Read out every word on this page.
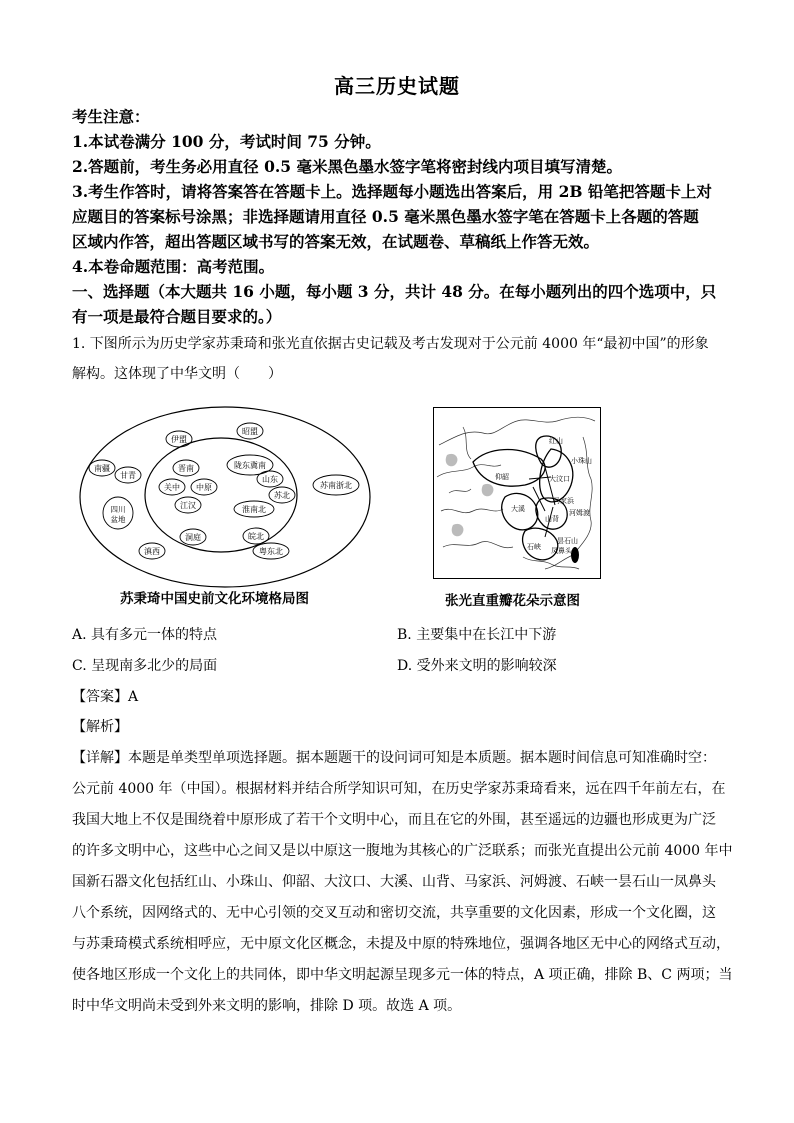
高三历史试题
考生注意：
1.本试卷满分 100 分，考试时间 75 分钟。
2.答题前，考生务必用直径 0.5 毫米黑色墨水签字笔将密封线内项目填写清楚。
3.考生作答时，请将答案答在答题卡上。选择题每小题选出答案后，用 2B 铅笔把答题卡上对
应题目的答案标号涂黑；非选择题请用直径 0.5 毫米黑色墨水签字笔在答题卡上各题的答题
区域内作答，超出答题区域书写的答案无效，在试题卷、草稿纸上作答无效。
4.本卷命题范围：高考范围。
一、选择题（本大题共 16 小题，每小题 3 分，共计 48 分。在每小题列出的四个选项中，只
有一项是最符合题目要求的。）
1. 下图所示为历史学家苏秉琦和张光直依据古史记载及考古发现对于公元前 4000 年“最初中国”的形象
解构。这体现了中华文明（　　）
陇东冀南
晋南
关中 中原
山东
苏北
江汉	淮南北
伊盟
昭盟
甘青
南疆
苏南浙北
四川
盆地
滇西
洞庭	皖北
粤东北
红山
小珠山
仰韶	大汶口
大溪
马家浜
河姆渡
山背
石峡
昙石山
凤鼻头
苏秉琦中国史前文化环境格局图	张光直重瓣花朵示意图
A. 具有多元一体的特点	B. 主要集中在长江中下游
C. 呈现南多北少的局面	D. 受外来文明的影响较深
【答案】A
【解析】
【详解】本题是单类型单项选择题。据本题题干的设问词可知是本质题。据本题时间信息可知准确时空：
公元前 4000 年（中国）。根据材料并结合所学知识可知，在历史学家苏秉琦看来，远在四千年前左右，在
我国大地上不仅是围绕着中原形成了若干个文明中心，而且在它的外围，甚至遥远的边疆也形成更为广泛
的许多文明中心，这些中心之间又是以中原这一腹地为其核心的广泛联系；而张光直提出公元前 4000 年中
国新石器文化包括红山、小珠山、仰韶、大汶口、大溪、山背、马家浜、河姆渡、石峡一昙石山一凤鼻头
八个系统，因网络式的、无中心引领的交叉互动和密切交流，共享重要的文化因素，形成一个文化圈，这
与苏秉琦模式系统相呼应，无中原文化区概念，未提及中原的特殊地位，强调各地区无中心的网络式互动，
使各地区形成一个文化上的共同体，即中华文明起源呈现多元一体的特点，A 项正确，排除 B、C 两项；当
时中华文明尚未受到外来文明的影响，排除 D 项。故选 A 项。
